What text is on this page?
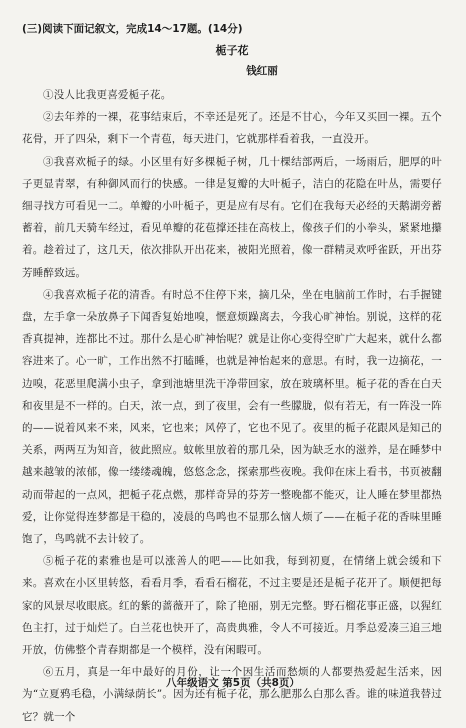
(三)阅读下面记叙文，完成14～17题。(14分)
栀子花
钱红丽

①没人比我更喜爱栀子花。

②去年养的一裸，花事结束后，不幸还是死了。还是不甘心，今年又买回一裸。五个花骨，开了四朵，剩下一个青苞，每天进门，它就那样看着我，一直没开。

③我喜欢栀子的绿。小区里有好多棵栀子树，几十棵结部两后，一场雨后，肥厚的叶子更显青翠，有种御风而行的快感。一律是复瓣的大叶栀子，洁白的花隐在叶丛，需要仔细寻找方可看见一二。单瓣的小叶栀子，更是应有尽有。它们在我每天必经的天鹅湖旁蓄蓄着，前几天骑车经过，看见单瓣的花苞撑还挂在高枝上，像孩子们的小拳头，紧紧地攥着。趁着过了，这几天，依次排队开出花来，被阳光照着，像一群精灵欢呼雀跃，开出芬芳睡醉致远。

④我喜欢栀子花的清香。有时总不住停下来，摘几朵，坐在电脑前工作时，右手握键盘，左手拿一朵放鼻子下闻香复始地嗅，惬意烦躁离去，今我心旷神怡。别说，这样的花香真提神，连都比不过。那什么是心旷神怡呢？就是让你心变得空旷广大起来，就什么都容进来了。心一旷，工作出然不打瞌睡，也就是神怡起来的意思。有时，我一边摘花，一边嗅，花恶里爬满小虫子，拿到池塘里洗干净带回家，放在玻璃杯里。栀子花的香在白天和夜里是不一样的。白天，浓一点，到了夜里，会有一些朦胧，似有若无，有一阵没一阵的——说着风来不来，风来，它也来；风停了，它也不见了。夜里的栀子花跟风是知己的关系，两两互为知音，彼此照应。蚊帐里放着的那几朵，因为缺乏水的滋养，是在睡梦中越来越皱的浓郁，像一缕缕魂魄，悠悠念念，探索那些夜晚。我仰在床上看书，书页被翻动而带起的一点风，把栀子花点燃，那样奇异的芬芳一整晚都不能灭，让人睡在梦里都热爱，让你觉得连梦都是干稳的，凌晨的鸟鸣也不显那么恼人烦了——在栀子花的香味里睡饱了，鸟鸣就不去计较了。

⑤栀子花的素雅也是可以涨善人的吧——比如我，每到初夏，在情绪上就会缓和下来。喜欢在小区里转悠，看看月季，看看石榴花，不过主要是还是栀子花开了。顺便把每家的风景尽收眼底。红的紫的蔷薇开了，除了艳丽，别无完整。野石榴花事正盛，以猩红色主打，过于灿烂了。白兰花也快开了，高贵典雅，令人不可接近。月季总爱凑三追三地开放，仿佛整个青春期都是一个模样，没有闲暇可。

⑥五月，真是一年中最好的月份，让一个因生活而愁烦的人都要热爱起生活来，因为“立夏鸦毛稳，小满绿荫长”。因为还有栀子花，那么肥那么白那么香。谁的味道我替过它？就一个

八年级语文 第5页（共8页）
